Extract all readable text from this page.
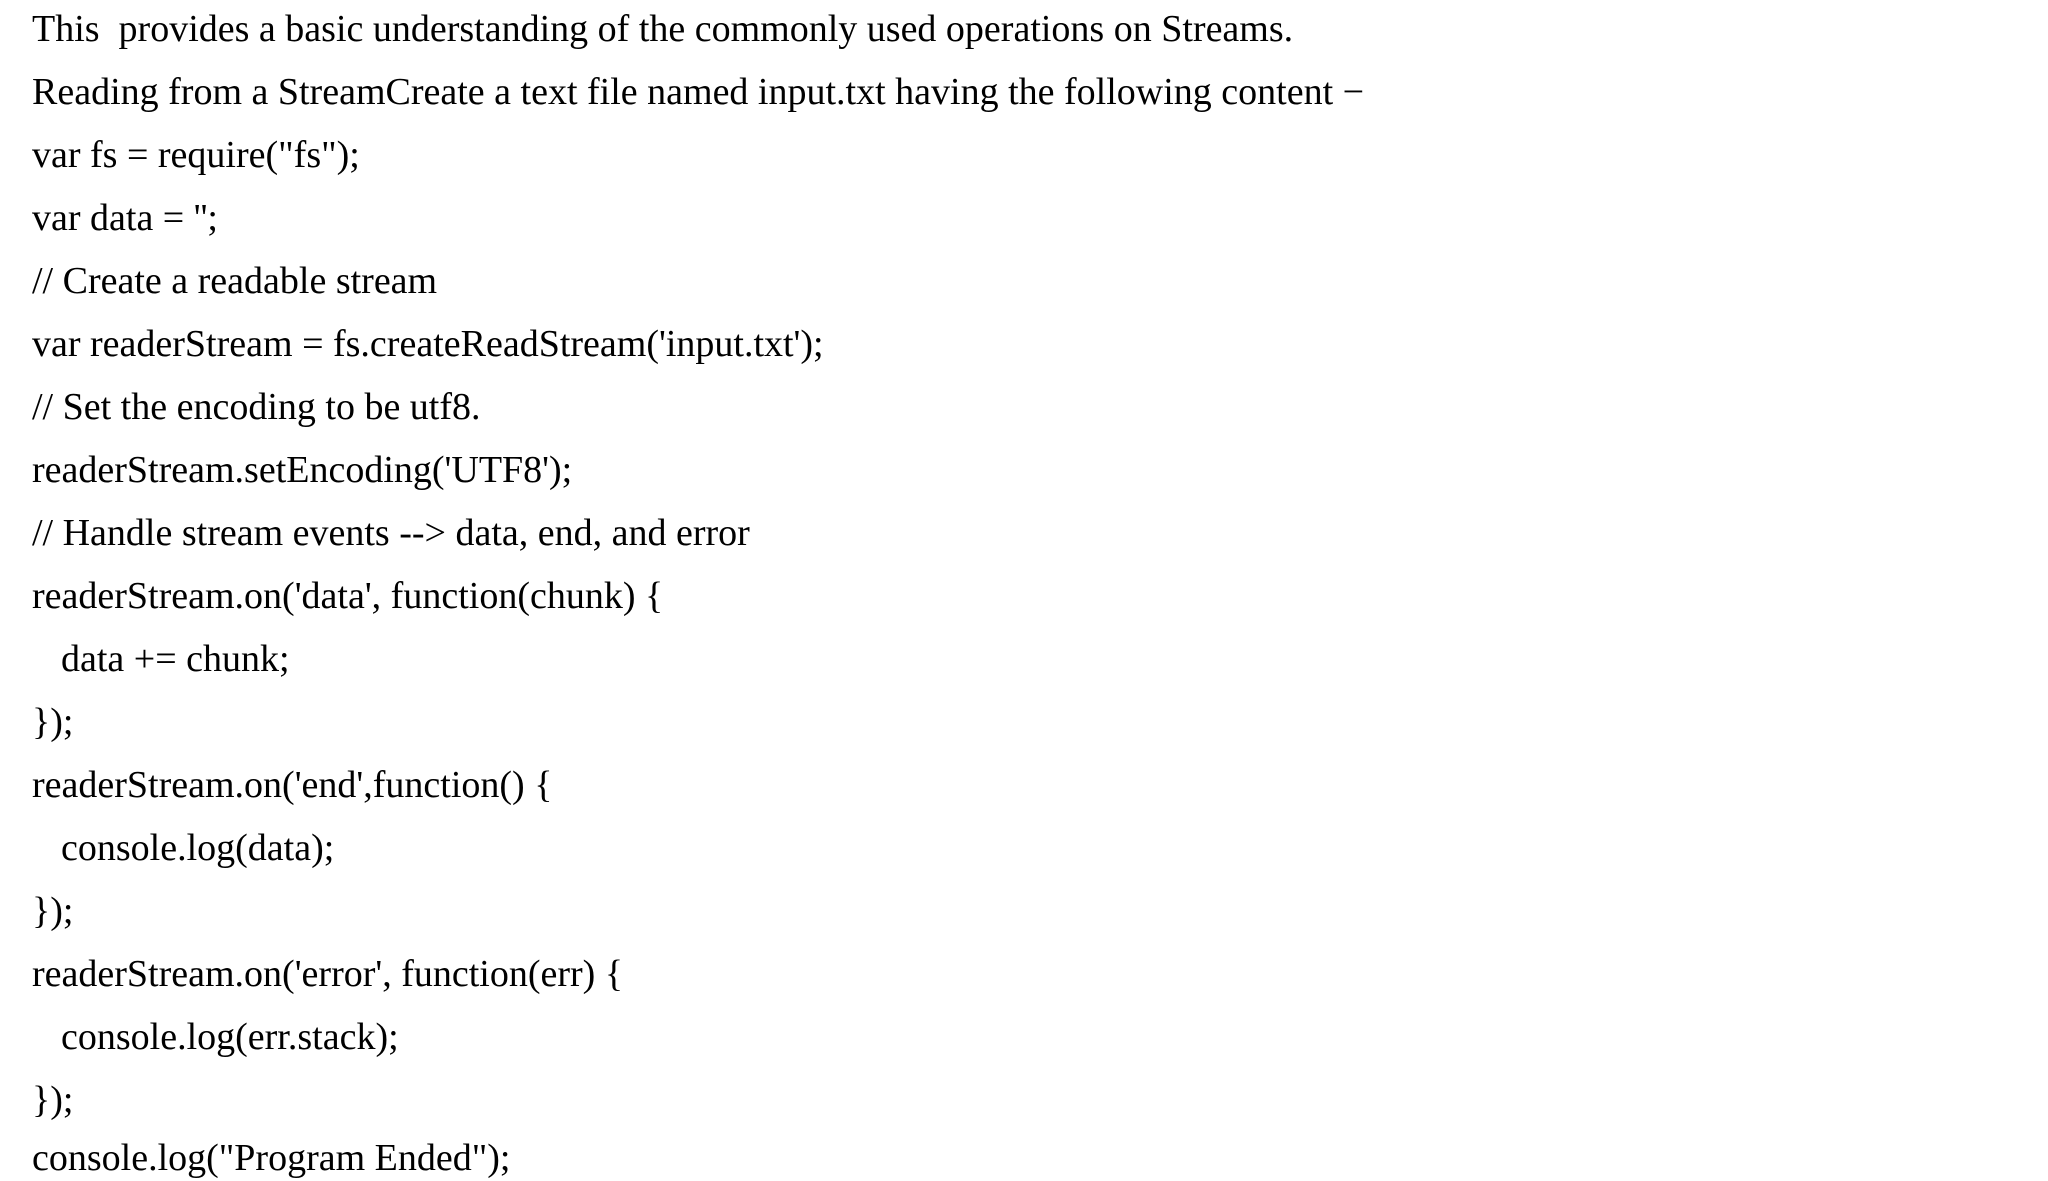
This  provides a basic understanding of the commonly used operations on Streams.
Reading from a StreamCreate a text file named input.txt having the following content −
var fs = require("fs");
var data = '';
// Create a readable stream
var readerStream = fs.createReadStream('input.txt');
// Set the encoding to be utf8.
readerStream.setEncoding('UTF8');
// Handle stream events --> data, end, and error
readerStream.on('data', function(chunk) {
data += chunk;
});
readerStream.on('end',function() {
console.log(data);
});
readerStream.on('error', function(err) {
console.log(err.stack);
});
console.log("Program Ended");
